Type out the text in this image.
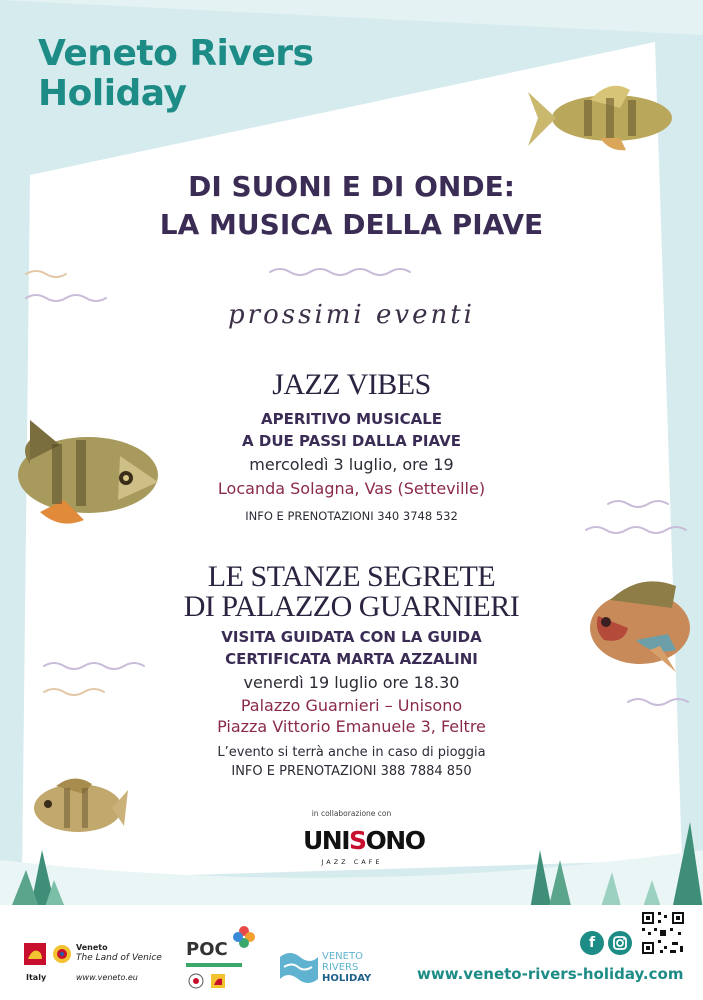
Veneto Rivers
Holiday
DI SUONI E DI ONDE:
LA MUSICA DELLA PIAVE
prossimi eventi
JAZZ VIBES
APERITIVO MUSICALE
A DUE PASSI DALLA PIAVE
mercoledì 3 luglio, ore 19
Locanda Solagna, Vas (Setteville)
INFO E PRENOTAZIONI 340 3748 532
LE STANZE SEGRETE
DI PALAZZO GUARNIERI
VISITA GUIDATA CON LA GUIDA
CERTIFICATA MARTA AZZALINI
venerdì 19 luglio ore 18.30
Palazzo Guarnieri – Unisono
Piazza Vittorio Emanuele 3, Feltre
L’evento si terrà anche in caso di pioggia
INFO E PRENOTAZIONI 388 7884 850
in collaborazione con
UNISONO
JAZZ CAFE
Veneto
The Land of Venice
Italy	www.veneto.eu
POC	VENETO
RIVERS
HOLIDAY
f
www.veneto-rivers-holiday.com
